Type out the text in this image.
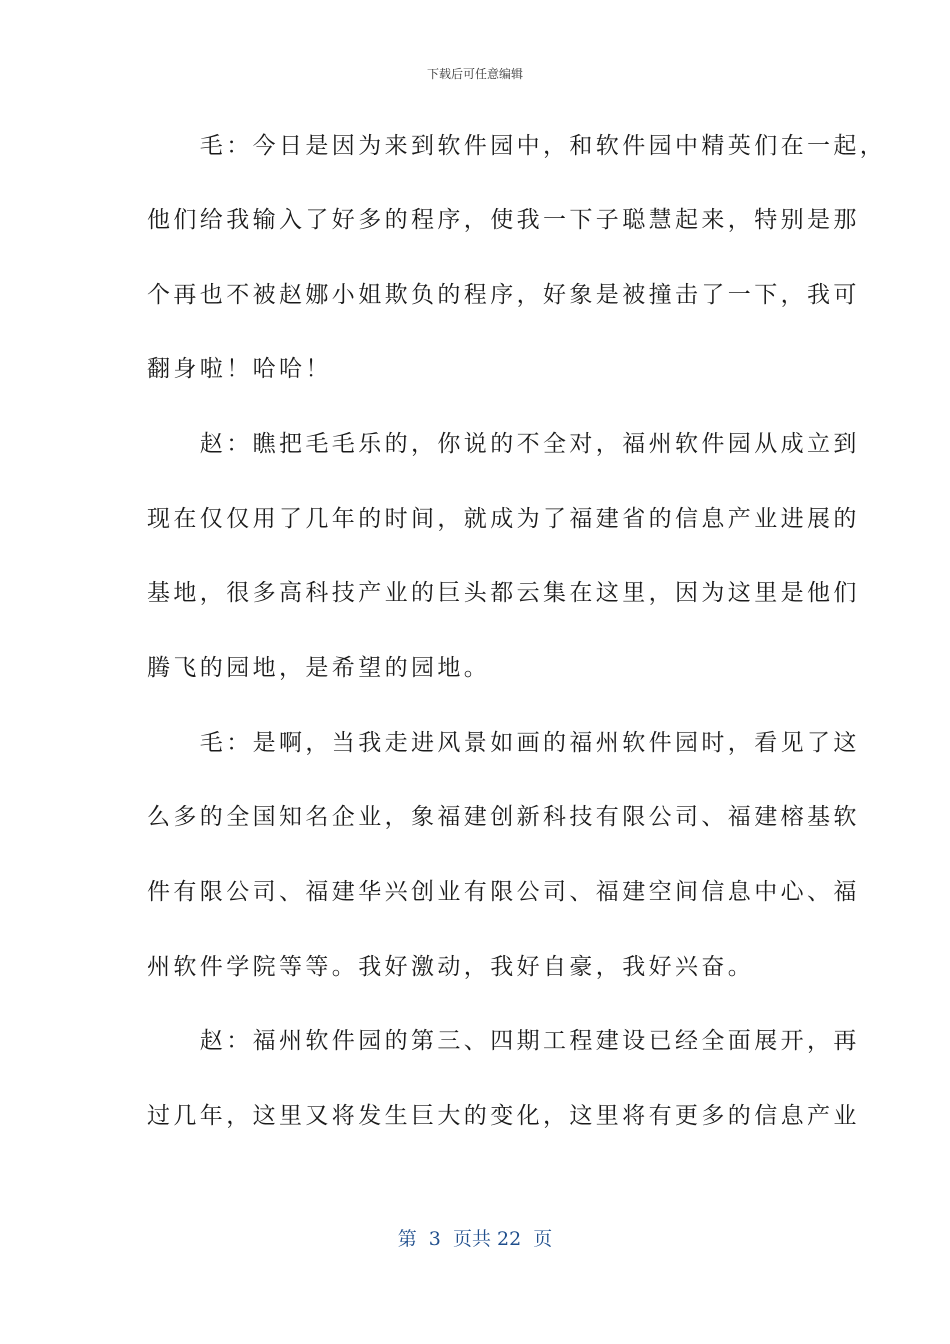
下载后可任意编辑
　　毛：今日是因为来到软件园中，和软件园中精英们在一起，
他们给我输入了好多的程序，使我一下子聪慧起来，特别是那
个再也不被赵娜小姐欺负的程序，好象是被撞击了一下，我可
翻身啦！哈哈！
　　赵：瞧把毛毛乐的，你说的不全对，福州软件园从成立到
现在仅仅用了几年的时间，就成为了福建省的信息产业进展的
基地，很多高科技产业的巨头都云集在这里，因为这里是他们
腾飞的园地，是希望的园地。
　　毛：是啊，当我走进风景如画的福州软件园时，看见了这
么多的全国知名企业，象福建创新科技有限公司、福建榕基软
件有限公司、福建华兴创业有限公司、福建空间信息中心、福
州软件学院等等。我好激动，我好自豪，我好兴奋。
　　赵：福州软件园的第三、四期工程建设已经全面展开，再
过几年，这里又将发生巨大的变化，这里将有更多的信息产业
第  3  页共 22  页
